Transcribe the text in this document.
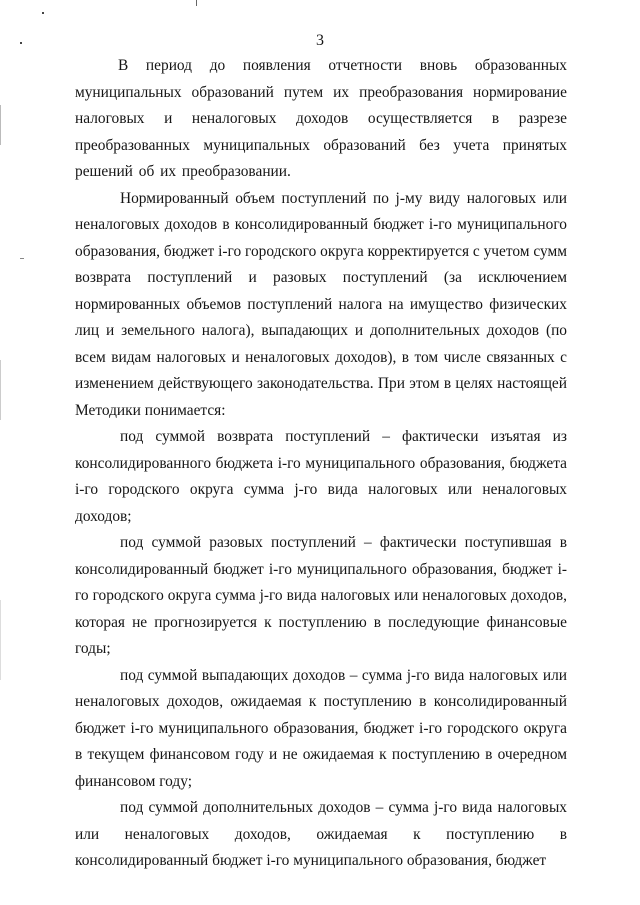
3

В период до появления отчетности вновь образованных муниципальных образований путем их преобразования нормирование налоговых и неналоговых доходов осуществляется в разрезе преобразованных муниципальных образований без учета принятых решений об их преобразовании.

Нормированный объем поступлений по j-му виду налоговых или неналоговых доходов в консолидированный бюджет i-го муниципального образования, бюджет i-го городского округа корректируется с учетом сумм возврата поступлений и разовых поступлений (за исключением нормированных объемов поступлений налога на имущество физических лиц и земельного налога), выпадающих и дополнительных доходов (по всем видам налоговых и неналоговых доходов), в том числе связанных с изменением действующего законодательства. При этом в целях настоящей Методики понимается:

под суммой возврата поступлений – фактически изъятая из консолидированного бюджета i-го муниципального образования, бюджета i-го городского округа сумма j-го вида налоговых или неналоговых доходов;

под суммой разовых поступлений – фактически поступившая в консолидированный бюджет i-го муниципального образования, бюджет i-го городского округа сумма j-го вида налоговых или неналоговых доходов, которая не прогнозируется к поступлению в последующие финансовые годы;

под суммой выпадающих доходов – сумма j-го вида налоговых или неналоговых доходов, ожидаемая к поступлению в консолидированный бюджет i-го муниципального образования, бюджет i-го городского округа в текущем финансовом году и не ожидаемая к поступлению в очередном финансовом году;

под суммой дополнительных доходов – сумма j-го вида налоговых или неналоговых доходов, ожидаемая к поступлению в консолидированный бюджет i-го муниципального образования, бюджет
